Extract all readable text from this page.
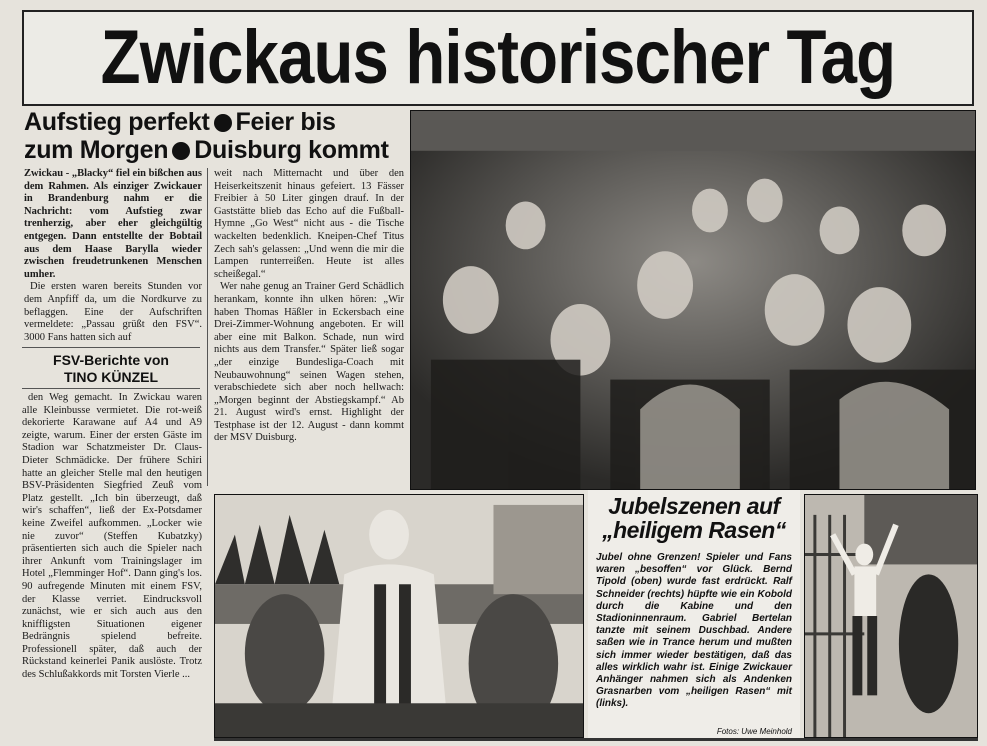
Zwickaus historischer Tag
Aufstieg perfekt Feier bis
zum Morgen Duisburg kommt

Zwickau - „Blacky“ fiel ein bißchen aus dem Rahmen. Als einziger Zwickauer in Brandenburg nahm er die Nachricht: vom Aufstieg zwar trenherzig, aber eher gleichgültig entgegen. Dann entstellte der Bobtail aus dem Haase Barylla wieder zwischen freudetrunkenen Menschen umher.

Die ersten waren bereits Stunden vor dem Anpfiff da, um die Nordkurve zu beflaggen. Eine der Aufschriften vermeldete: „Passau grüßt den FSV“. 3000 Fans hatten sich auf

FSV-Berichte von
TINO KÜNZEL

den Weg gemacht. In Zwickau waren alle Kleinbusse vermietet. Die rot-weiß dekorierte Karawane auf A4 und A9 zeigte, warum. Einer der ersten Gäste im Stadion war Schatzmeister Dr. Claus-Dieter Schmädicke. Der frühere Schiri hatte an gleicher Stelle mal den heutigen BSV-Präsidenten Siegfried Zeuß vom Platz gestellt. „Ich bin überzeugt, daß wir's schaffen“, ließ der Ex-Potsdamer keine Zweifel aufkommen. „Locker wie nie zuvor“ (Steffen Kubatzky) präsentierten sich auch die Spieler nach ihrer Ankunft vom Trainingslager im Hotel „Flemminger Hof“. Dann ging's los. 90 aufregende Minuten mit einem FSV, der Klasse verriet. Eindrucksvoll zunächst, wie er sich auch aus den kniffligsten Situationen eigener Bedrängnis spielend befreite. Professionell später, daß auch der Rückstand keinerlei Panik auslöste. Trotz des Schlußakkords mit Torsten Vierle ...

weit nach Mitternacht und über den Heiserkeitszenit hinaus gefeiert. 13 Fässer Freibier à 50 Liter gingen drauf. In der Gaststätte blieb das Echo auf die Fußball-Hymne „Go West“ nicht aus - die Tische wackelten bedenklich. Kneipen-Chef Titus Zech sah's gelassen: „Und wenn die mir die Lampen runterreißen. Heute ist alles scheißegal.“

Wer nahe genug an Trainer Gerd Schädlich herankam, konnte ihn ulken hören: „Wir haben Thomas Häßler in Eckersbach eine Drei-Zimmer-Wohnung angeboten. Er will aber eine mit Balkon. Schade, nun wird nichts aus dem Transfer.“ Später ließ sogar „der einzige Bundesliga-Coach mit Neubauwohnung“ seinen Wagen stehen, verabschiedete sich aber noch hellwach: „Morgen beginnt der Abstiegskampf.“ Ab 21. August wird's ernst. Highlight der Testphase ist der 12. August - dann kommt der MSV Duisburg.

Jubelszenen auf
„heiligem Rasen“
Jubel ohne Grenzen! Spieler und Fans waren „besoffen“ vor Glück. Bernd Tipold (oben) wurde fast erdrückt. Ralf Schneider (rechts) hüpfte wie ein Kobold durch die Kabine und den Stadioninnenraum. Gabriel Bertelan tanzte mit seinem Duschbad. Andere saßen wie in Trance herum und mußten sich immer wieder bestätigen, daß das alles wirklich wahr ist. Einige Zwickauer Anhänger nahmen sich als Andenken Grasnarben vom „heiligen Rasen“ mit (links).
Fotos: Uwe Meinhold
